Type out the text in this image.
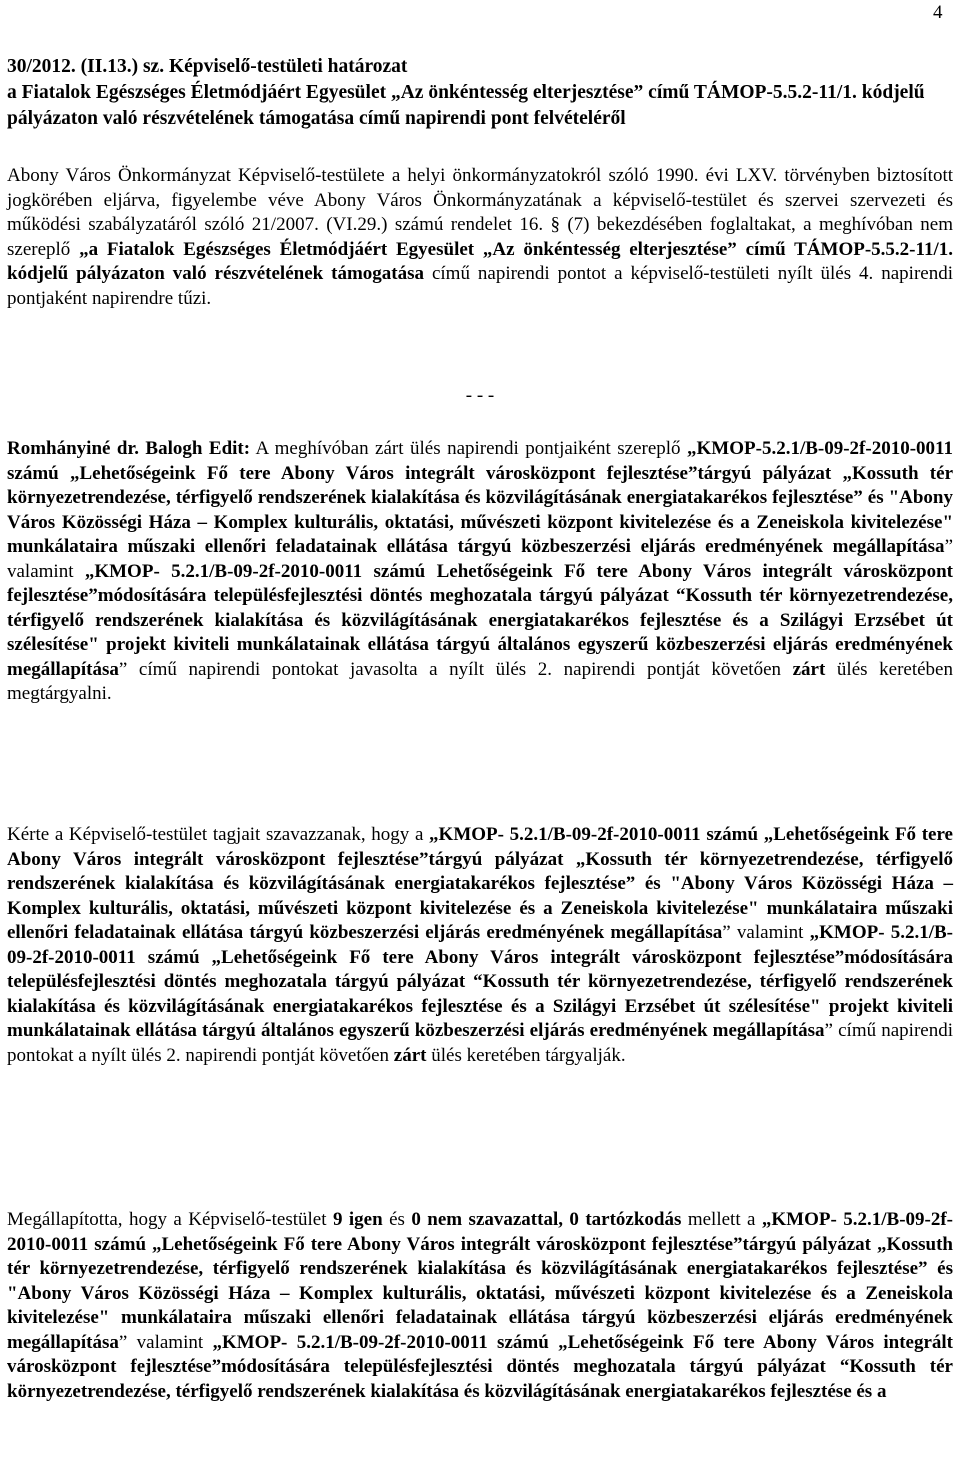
4
30/2012. (II.13.) sz. Képviselő-testületi határozat
a Fiatalok Egészséges Életmódjáért Egyesület „Az önkéntesség elterjesztése” című TÁMOP-5.5.2-11/1. kódjelű pályázaton való részvételének támogatása című napirendi pont felvételéről
Abony Város Önkormányzat Képviselő-testülete a helyi önkormányzatokról szóló 1990. évi LXV. törvényben biztosított jogkörében eljárva, figyelembe véve Abony Város Önkormányzatának a képviselő-testület és szervei szervezeti és működési szabályzatáról szóló 21/2007. (VI.29.) számú rendelet 16. § (7) bekezdésében foglaltakat, a meghívóban nem szereplő „a Fiatalok Egészséges Életmódjáért Egyesület „Az önkéntesség elterjesztése” című TÁMOP-5.5.2-11/1. kódjelű pályázaton való részvételének támogatása című napirendi pontot a képviselő-testületi nyílt ülés 4. napirendi pontjaként napirendre tűzi.
- - -
Romhányiné dr. Balogh Edit: A meghívóban zárt ülés napirendi pontjaiként szereplő „KMOP-5.2.1/B-09-2f-2010-0011 számú „Lehetőségeink Fő tere Abony Város integrált városközpont fejlesztése”tárgyú pályázat „Kossuth tér környezetrendezése, térfigyelő rendszerének kialakítása és közvilágításának energiatakarékos fejlesztése” és "Abony Város Közösségi Háza – Komplex kulturális, oktatási, művészeti központ kivitelezése és a Zeneiskola kivitelezése" munkálataira műszaki ellenőri feladatainak ellátása tárgyú közbeszerzési eljárás eredményének megállapítása” valamint „KMOP- 5.2.1/B-09-2f-2010-0011 számú Lehetőségeink Fő tere Abony Város integrált városközpont fejlesztése”módosítására településfejlesztési döntés meghozatala tárgyú pályázat “Kossuth tér környezetrendezése, térfigyelő rendszerének kialakítása és közvilágításának energiatakarékos fejlesztése és a Szilágyi Erzsébet út szélesítése" projekt kiviteli munkálatainak ellátása tárgyú általános egyszerű közbeszerzési eljárás eredményének megállapítása” című napirendi pontokat javasolta a nyílt ülés 2. napirendi pontját követően zárt ülés keretében megtárgyalni.
Kérte a Képviselő-testület tagjait szavazzanak, hogy a „KMOP- 5.2.1/B-09-2f-2010-0011 számú „Lehetőségeink Fő tere Abony Város integrált városközpont fejlesztése”tárgyú pályázat „Kossuth tér környezetrendezése, térfigyelő rendszerének kialakítása és közvilágításának energiatakarékos fejlesztése” és "Abony Város Közösségi Háza – Komplex kulturális, oktatási, művészeti központ kivitelezése és a Zeneiskola kivitelezése" munkálataira műszaki ellenőri feladatainak ellátása tárgyú közbeszerzési eljárás eredményének megállapítása” valamint „KMOP- 5.2.1/B-09-2f-2010-0011 számú „Lehetőségeink Fő tere Abony Város integrált városközpont fejlesztése”módosítására településfejlesztési döntés meghozatala tárgyú pályázat “Kossuth tér környezetrendezése, térfigyelő rendszerének kialakítása és közvilágításának energiatakarékos fejlesztése és a Szilágyi Erzsébet út szélesítése" projekt kiviteli munkálatainak ellátása tárgyú általános egyszerű közbeszerzési eljárás eredményének megállapítása” című napirendi pontokat a nyílt ülés 2. napirendi pontját követően zárt ülés keretében tárgyalják.
Megállapította, hogy a Képviselő-testület 9 igen és 0 nem szavazattal, 0 tartózkodás mellett a „KMOP- 5.2.1/B-09-2f-2010-0011 számú „Lehetőségeink Fő tere Abony Város integrált városközpont fejlesztése”tárgyú pályázat „Kossuth tér környezetrendezése, térfigyelő rendszerének kialakítása és közvilágításának energiatakarékos fejlesztése” és "Abony Város Közösségi Háza – Komplex kulturális, oktatási, művészeti központ kivitelezése és a Zeneiskola kivitelezése" munkálataira műszaki ellenőri feladatainak ellátása tárgyú közbeszerzési eljárás eredményének megállapítása” valamint „KMOP- 5.2.1/B-09-2f-2010-0011 számú „Lehetőségeink Fő tere Abony Város integrált városközpont fejlesztése”módosítására településfejlesztési döntés meghozatala tárgyú pályázat “Kossuth tér környezetrendezése, térfigyelő rendszerének kialakítása és közvilágításának energiatakarékos fejlesztése és a
